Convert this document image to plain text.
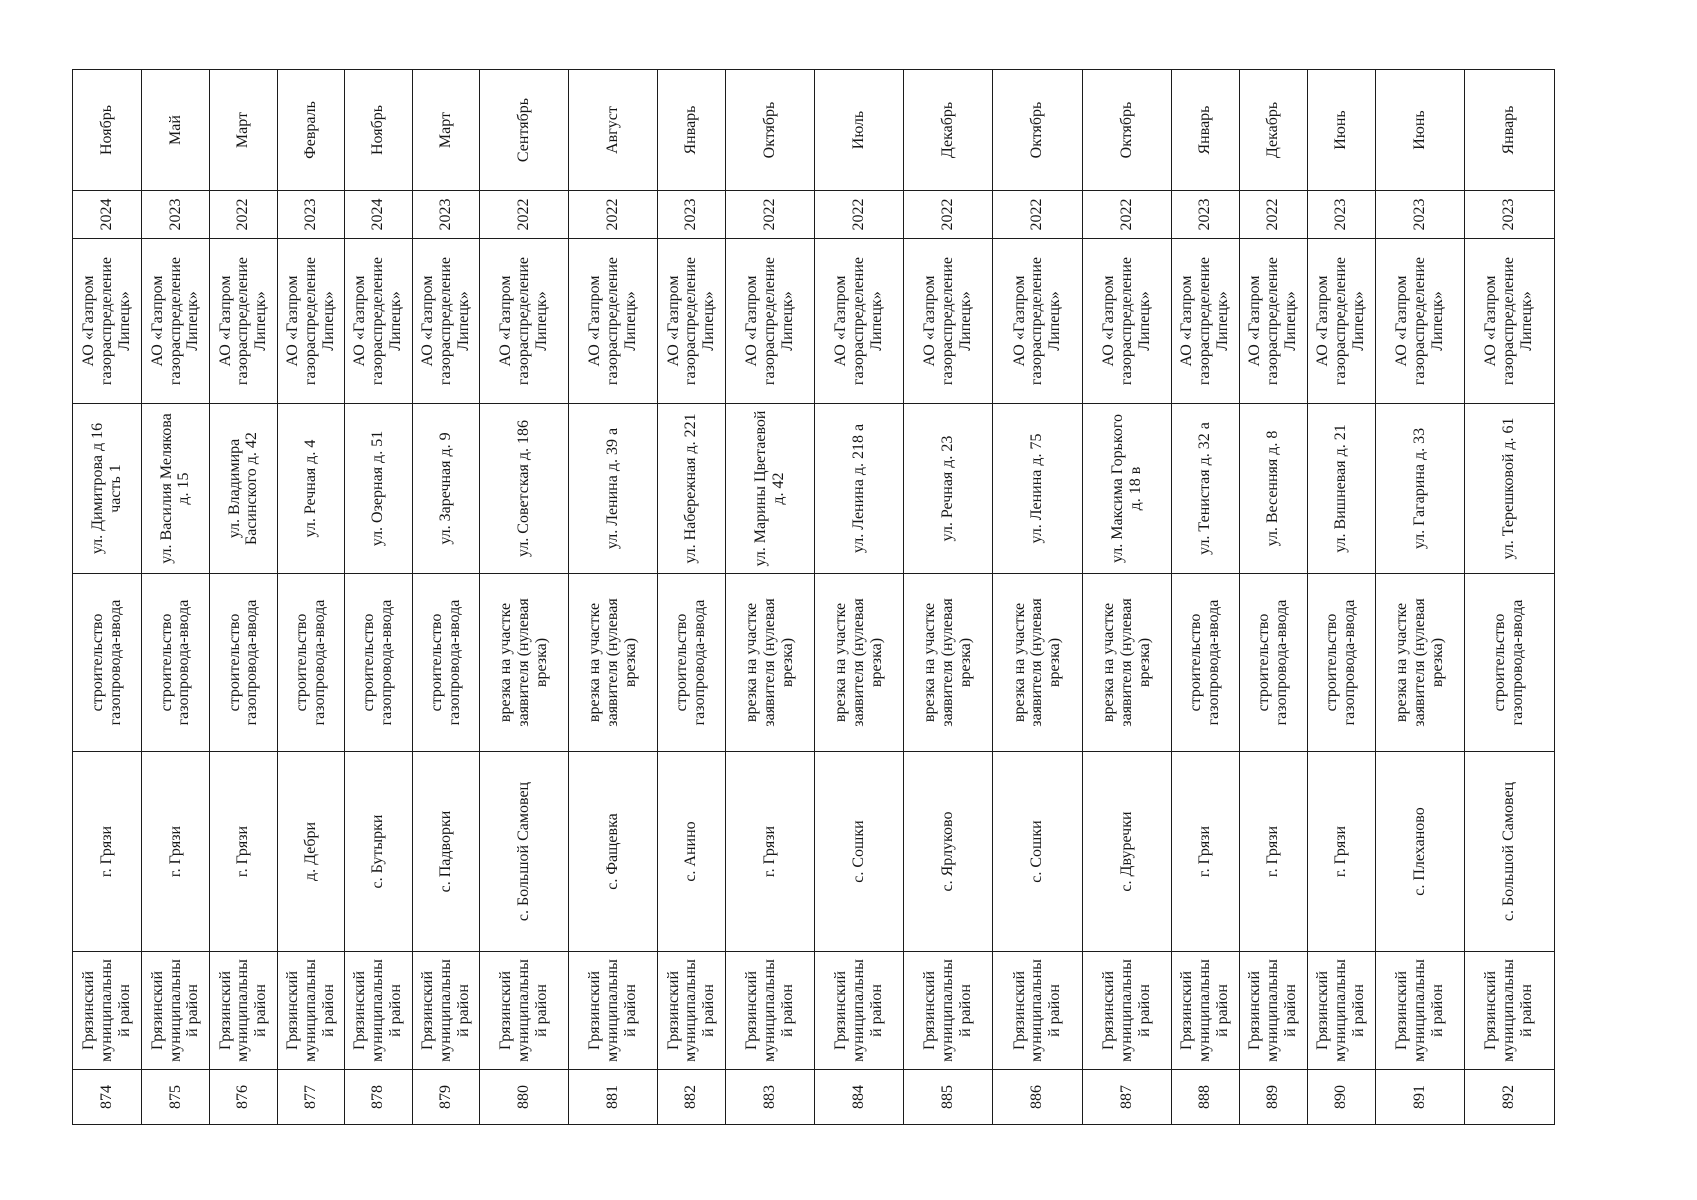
874	Грязинский муниципальный район	г. Грязи	строительство газопровода-ввода	ул. Димитрова д 16 часть 1	АО «Газпром газораспределение Липецк»	2024	Ноябрь
875	Грязинский муниципальный район	г. Грязи	строительство газопровода-ввода	ул. Василия Мелякова д. 15	АО «Газпром газораспределение Липецк»	2023	Май
876	Грязинский муниципальный район	г. Грязи	строительство газопровода-ввода	ул. Владимира Басинского д. 42	АО «Газпром газораспределение Липецк»	2022	Март
877	Грязинский муниципальный район	д. Дебри	строительство газопровода-ввода	ул. Речная д. 4	АО «Газпром газораспределение Липецк»	2023	Февраль
878	Грязинский муниципальный район	с. Бутырки	строительство газопровода-ввода	ул. Озерная д. 51	АО «Газпром газораспределение Липецк»	2024	Ноябрь
879	Грязинский муниципальный район	с. Падворки	строительство газопровода-ввода	ул. Заречная д. 9	АО «Газпром газораспределение Липецк»	2023	Март
880	Грязинский муниципальный район	с. Большой Самовец	врезка на участке заявителя (нулевая врезка)	ул. Советская д. 186	АО «Газпром газораспределение Липецк»	2022	Сентябрь
881	Грязинский муниципальный район	с. Фащевка	врезка на участке заявителя (нулевая врезка)	ул. Ленина д. 39 а	АО «Газпром газораспределение Липецк»	2022	Август
882	Грязинский муниципальный район	с. Анино	строительство газопровода-ввода	ул. Набережная д. 221	АО «Газпром газораспределение Липецк»	2023	Январь
883	Грязинский муниципальный район	г. Грязи	врезка на участке заявителя (нулевая врезка)	ул. Марины Цветаевой д. 42	АО «Газпром газораспределение Липецк»	2022	Октябрь
884	Грязинский муниципальный район	с. Сошки	врезка на участке заявителя (нулевая врезка)	ул. Ленина д. 218 а	АО «Газпром газораспределение Липецк»	2022	Июль
885	Грязинский муниципальный район	с. Ярлуково	врезка на участке заявителя (нулевая врезка)	ул. Речная д. 23	АО «Газпром газораспределение Липецк»	2022	Декабрь
886	Грязинский муниципальный район	с. Сошки	врезка на участке заявителя (нулевая врезка)	ул. Ленина д. 75	АО «Газпром газораспределение Липецк»	2022	Октябрь
887	Грязинский муниципальный район	с. Двуречки	врезка на участке заявителя (нулевая врезка)	ул. Максима Горького д. 18 в	АО «Газпром газораспределение Липецк»	2022	Октябрь
888	Грязинский муниципальный район	г. Грязи	строительство газопровода-ввода	ул. Тенистая д. 32 а	АО «Газпром газораспределение Липецк»	2023	Январь
889	Грязинский муниципальный район	г. Грязи	строительство газопровода-ввода	ул. Весенняя д. 8	АО «Газпром газораспределение Липецк»	2022	Декабрь
890	Грязинский муниципальный район	г. Грязи	строительство газопровода-ввода	ул. Вишневая д. 21	АО «Газпром газораспределение Липецк»	2023	Июнь
891	Грязинский муниципальный район	с. Плеханово	врезка на участке заявителя (нулевая врезка)	ул. Гагарина д. 33	АО «Газпром газораспределение Липецк»	2023	Июнь
892	Грязинский муниципальный район	с. Большой Самовец	строительство газопровода-ввода	ул. Терешковой д. 61	АО «Газпром газораспределение Липецк»	2023	Январь
